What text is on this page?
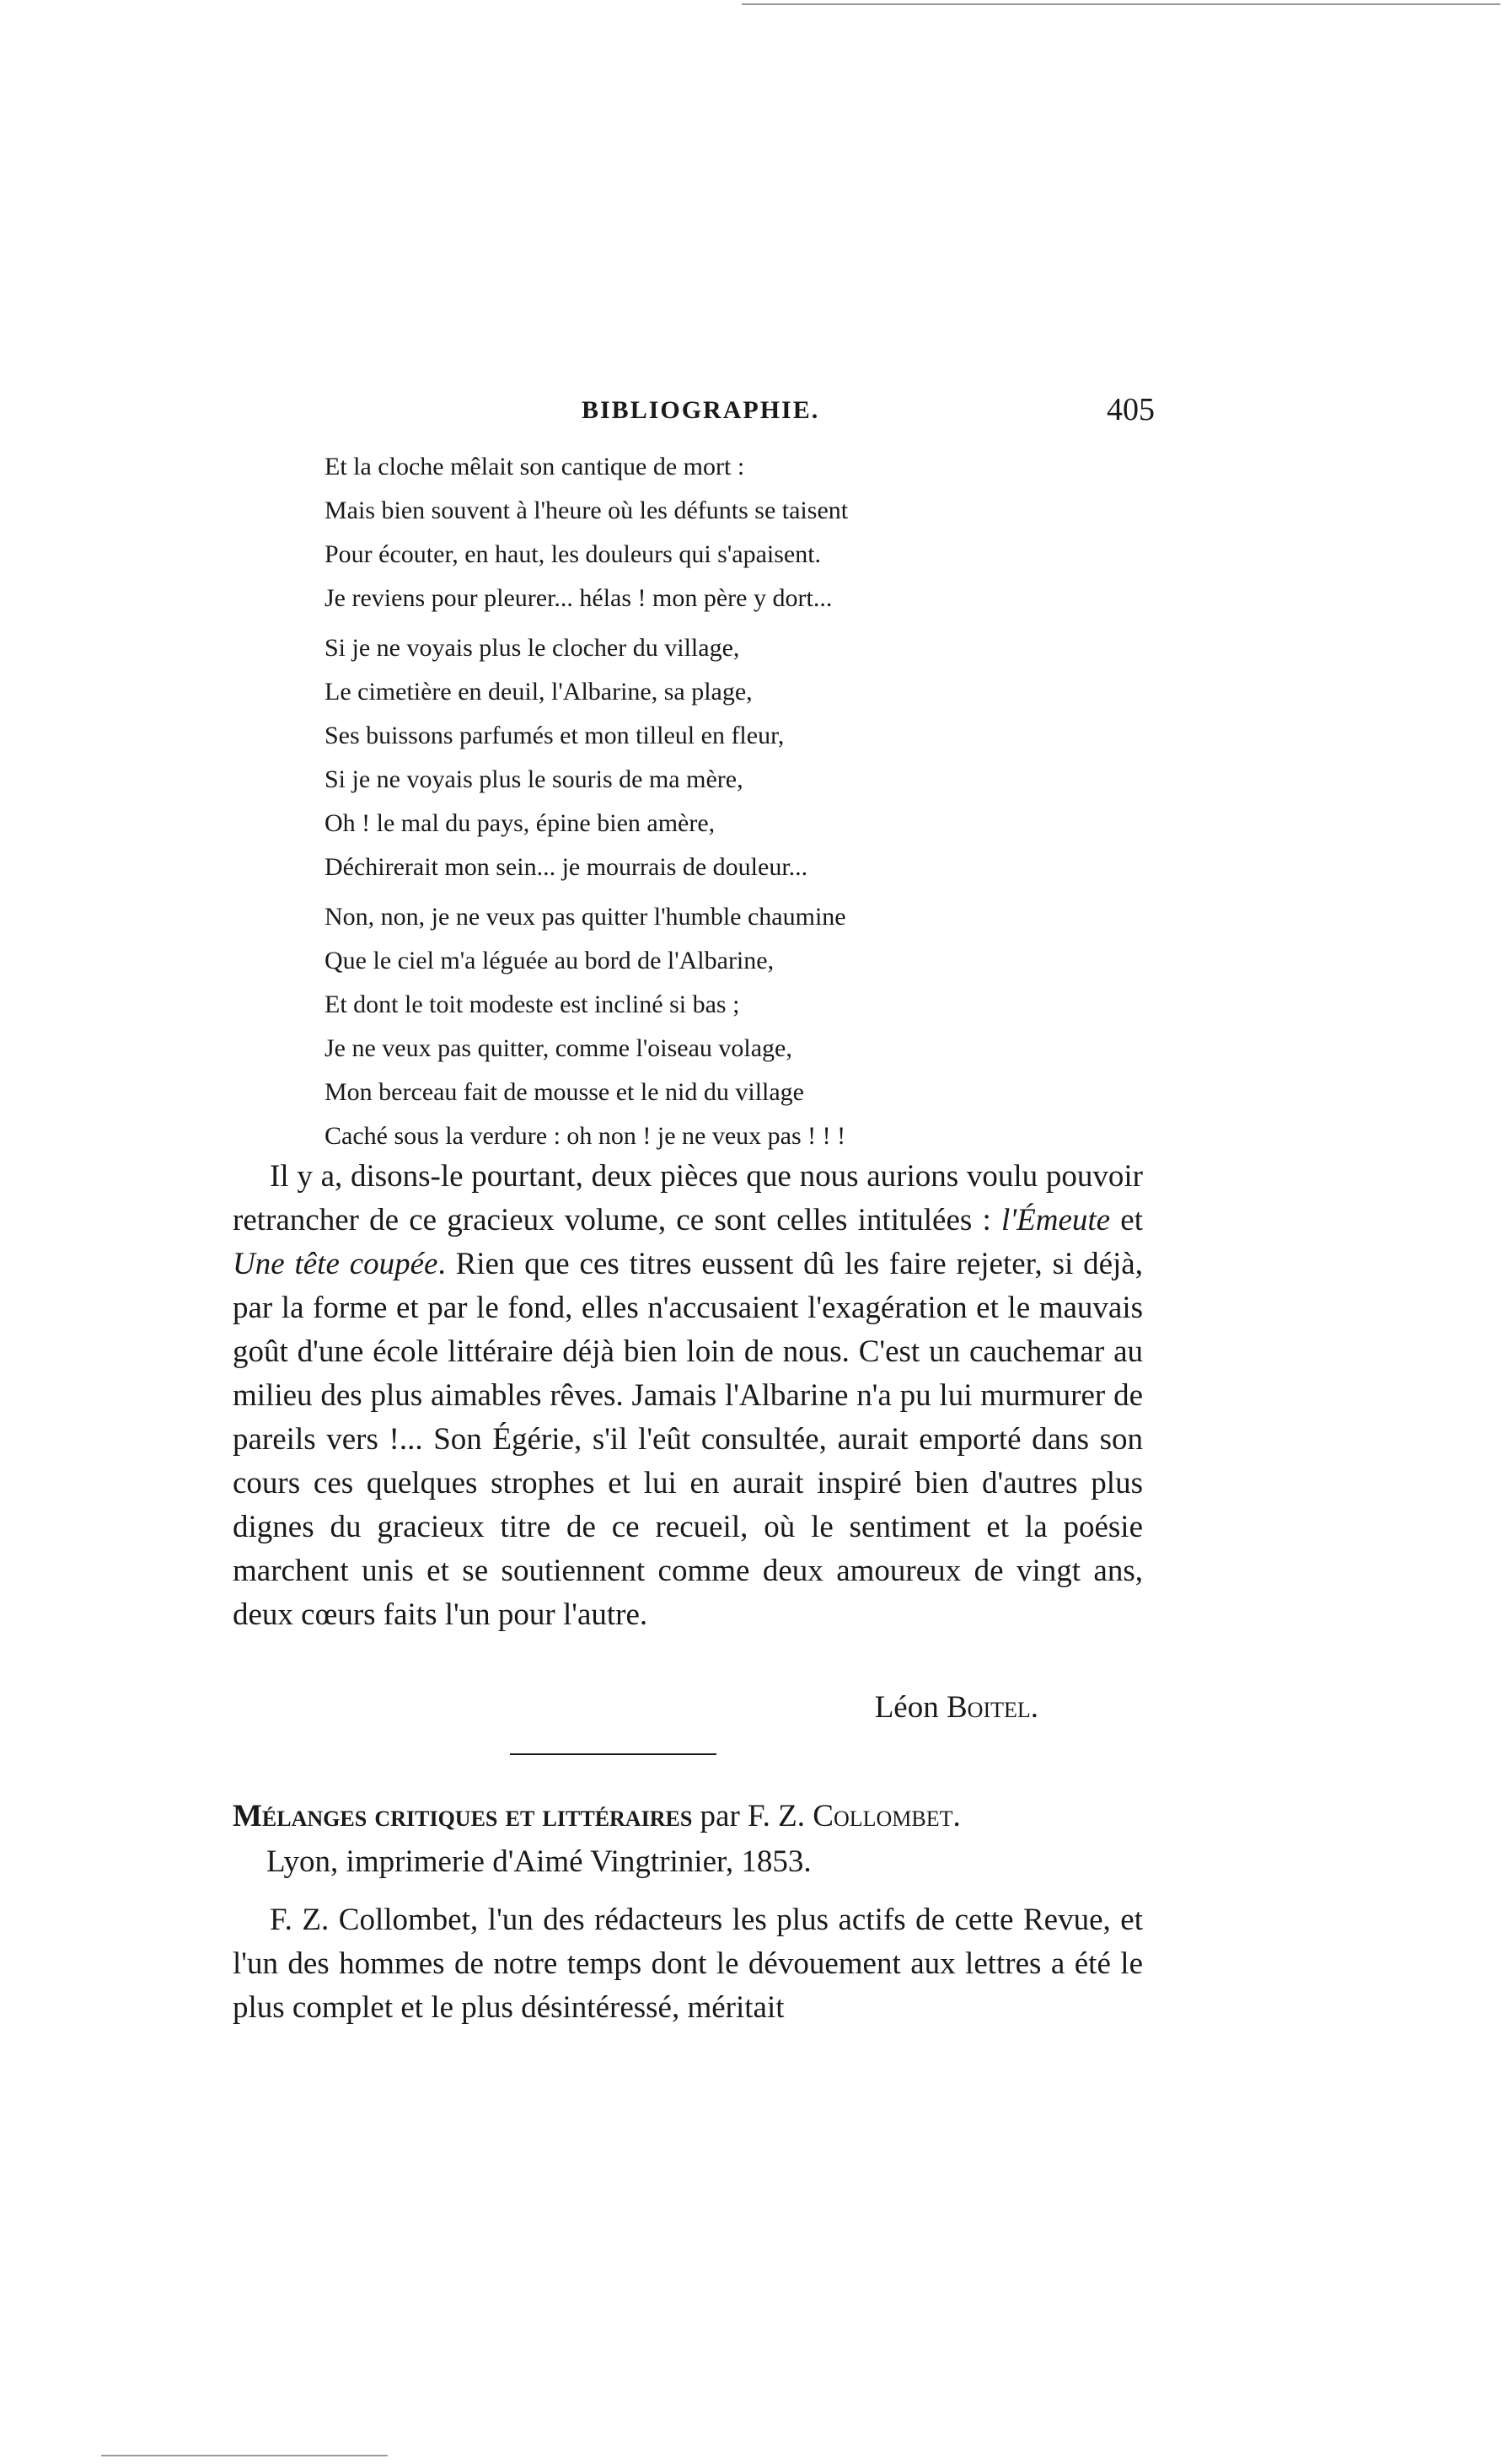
BIBLIOGRAPHIE.	405
Et la cloche mêlait son cantique de mort :
Mais bien souvent à l'heure où les défunts se taisent
Pour écouter, en haut, les douleurs qui s'apaisent.
Je reviens pour pleurer... hélas ! mon père y dort...
Si je ne voyais plus le clocher du village,
Le cimetière en deuil, l'Albarine, sa plage,
Ses buissons parfumés et mon tilleul en fleur,
Si je ne voyais plus le souris de ma mère,
Oh ! le mal du pays, épine bien amère,
Déchirerait mon sein... je mourrais de douleur...
Non, non, je ne veux pas quitter l'humble chaumine
Que le ciel m'a léguée au bord de l'Albarine,
Et dont le toit modeste est incliné si bas ;
Je ne veux pas quitter, comme l'oiseau volage,
Mon berceau fait de mousse et le nid du village
Caché sous la verdure : oh non ! je ne veux pas ! ! !

Il y a, disons-le pourtant, deux pièces que nous aurions voulu pouvoir retrancher de ce gracieux volume, ce sont celles intitulées : l'Émeute et Une tête coupée. Rien que ces titres eussent dû les faire rejeter, si déjà, par la forme et par le fond, elles n'accusaient l'exagération et le mauvais goût d'une école littéraire déjà bien loin de nous. C'est un cauchemar au milieu des plus aimables rêves. Jamais l'Albarine n'a pu lui murmurer de pareils vers !... Son Égérie, s'il l'eût consultée, aurait emporté dans son cours ces quelques strophes et lui en aurait inspiré bien d'autres plus dignes du gracieux titre de ce recueil, où le sentiment et la poésie marchent unis et se soutiennent comme deux amoureux de vingt ans, deux cœurs faits l'un pour l'autre.

Léon Boitel.
Mélanges critiques et littéraires par F. Z. Collombet.
Lyon, imprimerie d'Aimé Vingtrinier, 1853.

F. Z. Collombet, l'un des rédacteurs les plus actifs de cette Revue, et l'un des hommes de notre temps dont le dévouement aux lettres a été le plus complet et le plus désintéressé, méritait
